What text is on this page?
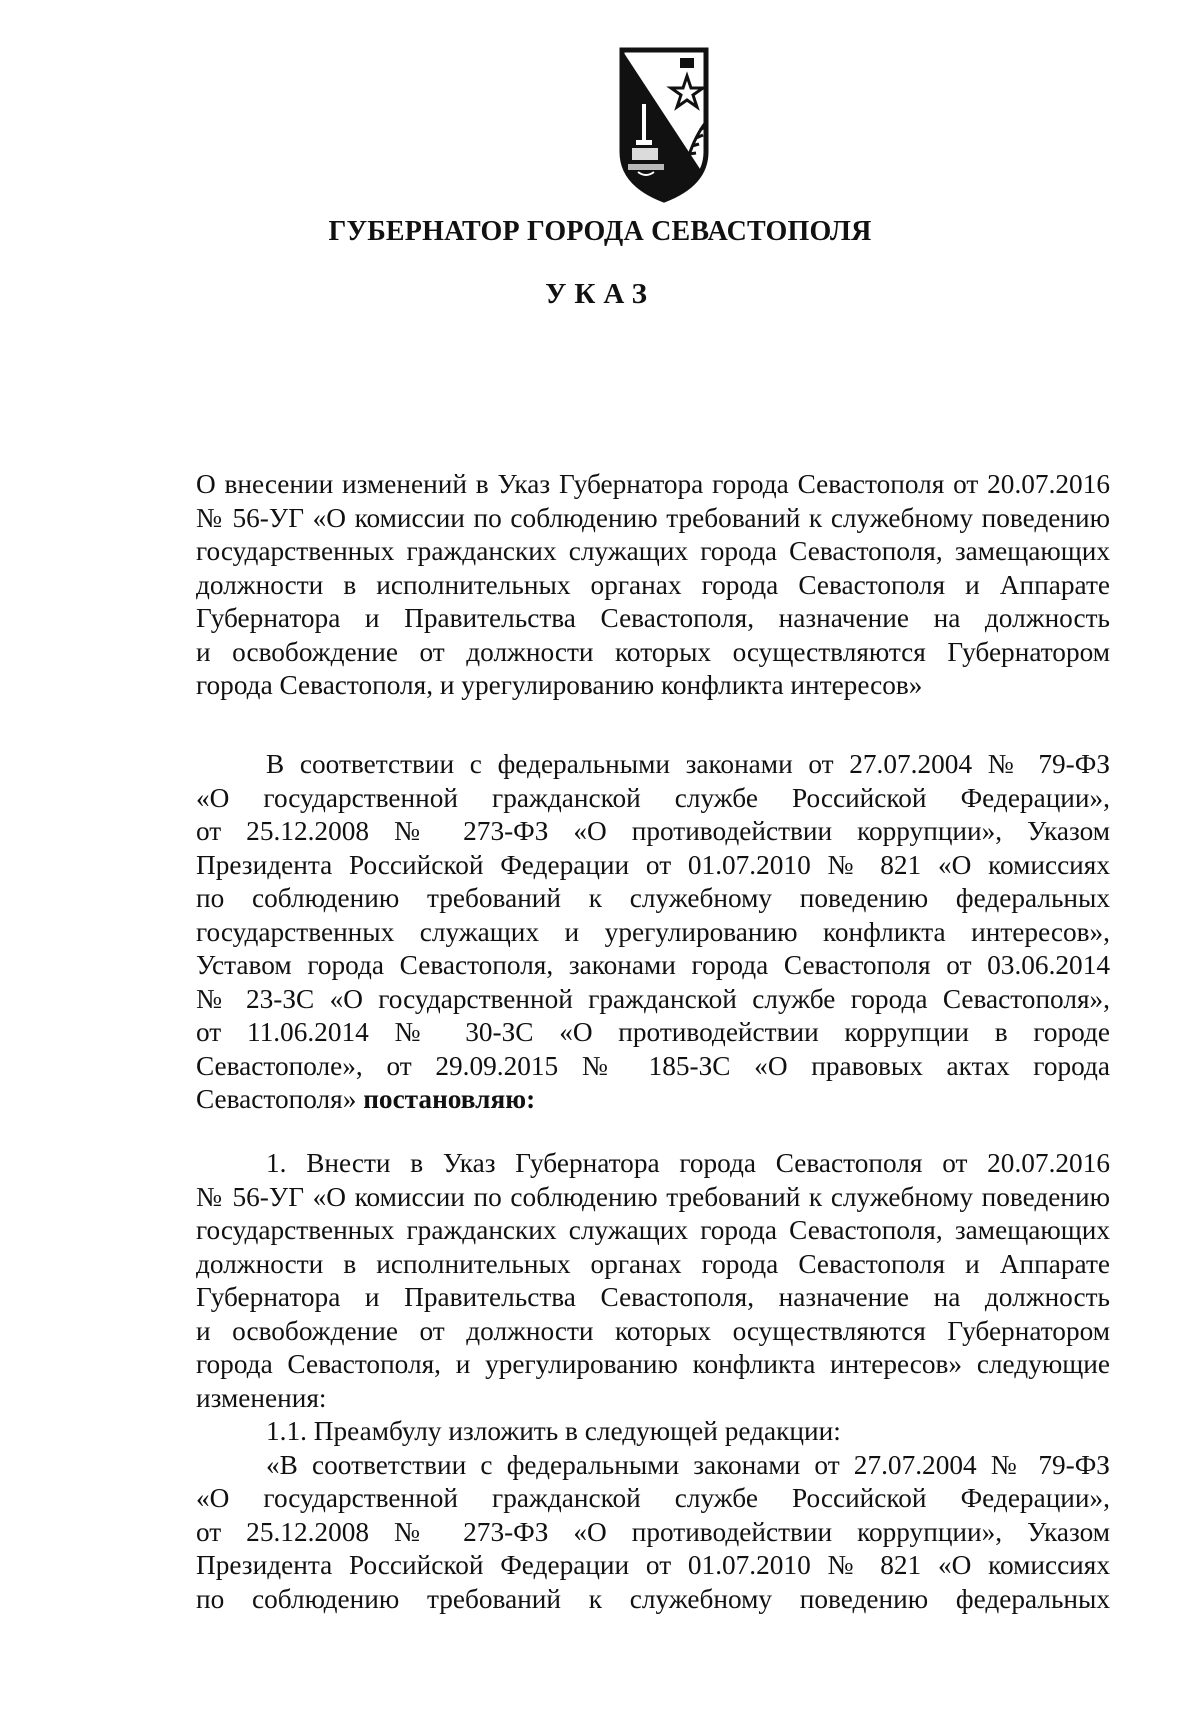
ГУБЕРНАТОР ГОРОДА СЕВАСТОПОЛЯ
УКАЗ
О внесении изменений в Указ Губернатора города Севастополя от 20.07.2016
№ 56-УГ «О комиссии по соблюдению требований к служебному поведению
государственных гражданских служащих города Севастополя, замещающих
должности в исполнительных органах города Севастополя и Аппарате
Губернатора и Правительства Севастополя, назначение на должность
и освобождение от должности которых осуществляются Губернатором
города Севастополя, и урегулированию конфликта интересов»
В соответствии с федеральными законами от 27.07.2004 № 79-ФЗ
«О государственной гражданской службе Российской Федерации»,
от 25.12.2008 № 273-ФЗ «О противодействии коррупции», Указом
Президента Российской Федерации от 01.07.2010 № 821 «О комиссиях
по соблюдению требований к служебному поведению федеральных
государственных служащих и урегулированию конфликта интересов»,
Уставом города Севастополя, законами города Севастополя от 03.06.2014
№ 23-ЗС «О государственной гражданской службе города Севастополя»,
от 11.06.2014 № 30-ЗС «О противодействии коррупции в городе
Севастополе», от 29.09.2015 № 185-ЗС «О правовых актах города
Севастополя» постановляю:
1. Внести в Указ Губернатора города Севастополя от 20.07.2016
№ 56-УГ «О комиссии по соблюдению требований к служебному поведению
государственных гражданских служащих города Севастополя, замещающих
должности в исполнительных органах города Севастополя и Аппарате
Губернатора и Правительства Севастополя, назначение на должность
и освобождение от должности которых осуществляются Губернатором
города Севастополя, и урегулированию конфликта интересов» следующие
изменения:
1.1. Преамбулу изложить в следующей редакции:
«В соответствии с федеральными законами от 27.07.2004 № 79-ФЗ
«О государственной гражданской службе Российской Федерации»,
от 25.12.2008 № 273-ФЗ «О противодействии коррупции», Указом
Президента Российской Федерации от 01.07.2010 № 821 «О комиссиях
по соблюдению требований к служебному поведению федеральных
